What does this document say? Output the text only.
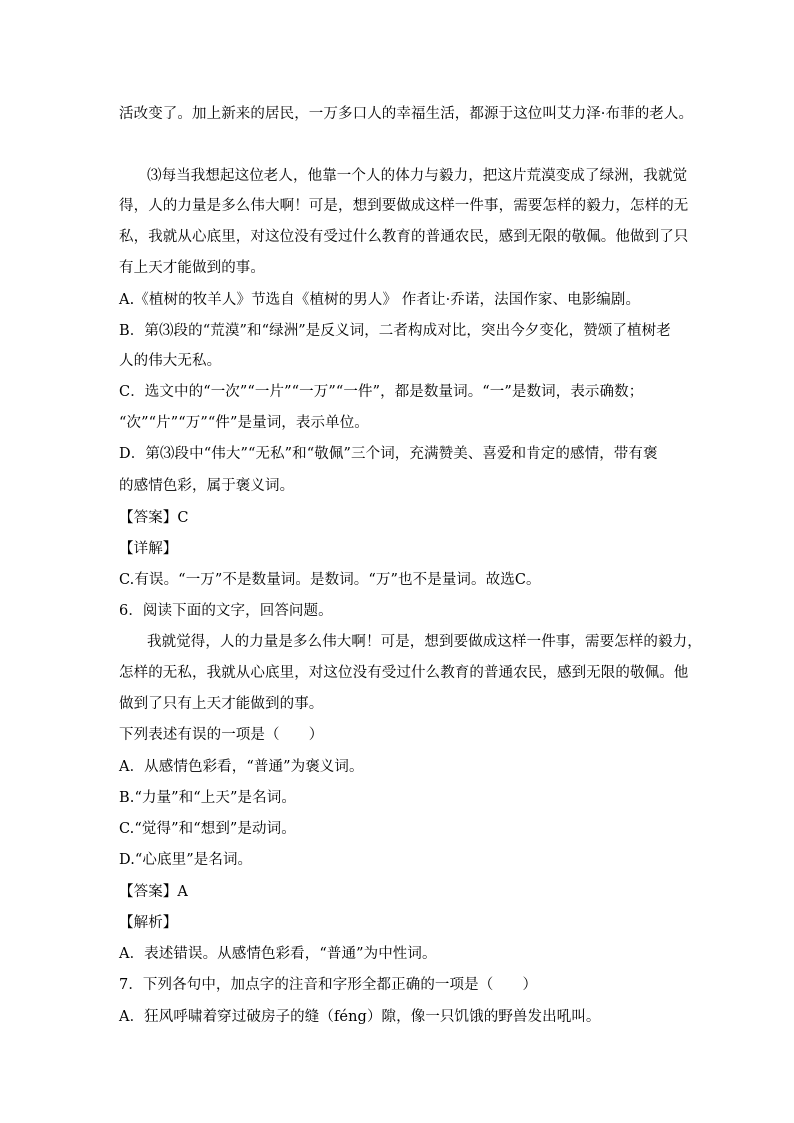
活改变了。加上新来的居民，一万多口人的幸福生活，都源于这位叫艾力泽·布菲的老人。
⑶每当我想起这位老人，他靠一个人的体力与毅力，把这片荒漠变成了绿洲，我就觉
得，人的力量是多么伟大啊！可是，想到要做成这样一件事，需要怎样的毅力，怎样的无
私，我就从心底里，对这位没有受过什么教育的普通农民，感到无限的敬佩。他做到了只
有上天才能做到的事。
A.《植树的牧羊人》节选自《植树的男人》 作者让·乔诺，法国作家、电影编剧。
B．第⑶段的“荒漠”和“绿洲”是反义词，二者构成对比，突出今夕变化，赞颂了植树老
人的伟大无私。
C．选文中的“一次”“一片”“一万”“一件”，都是数量词。“一”是数词，表示确数；
“次”“片”“万”“件”是量词，表示单位。
D．第⑶段中“伟大”“无私”和“敬佩”三个词，充满赞美、喜爱和肯定的感情，带有褒
的感情色彩，属于褒义词。
【答案】C
【详解】
C.有误。“一万”不是数量词。是数词。“万”也不是量词。故选C。
6．阅读下面的文字，回答问题。
我就觉得，人的力量是多么伟大啊！可是，想到要做成这样一件事，需要怎样的毅力，
怎样的无私，我就从心底里，对这位没有受过什么教育的普通农民，感到无限的敬佩。他
做到了只有上天才能做到的事。
下列表述有误的一项是（　　）
A．从感情色彩看，“普通”为褒义词。
B.“力量”和“上天”是名词。
C.“觉得”和“想到”是动词。
D.“心底里”是名词。
【答案】A
【解析】
A．表述错误。从感情色彩看，“普通”为中性词。
7．下列各句中，加点字的注音和字形全都正确的一项是（　　）
A．狂风呼啸着穿过破房子的缝（féng）隙，像一只饥饿的野兽发出吼叫。
